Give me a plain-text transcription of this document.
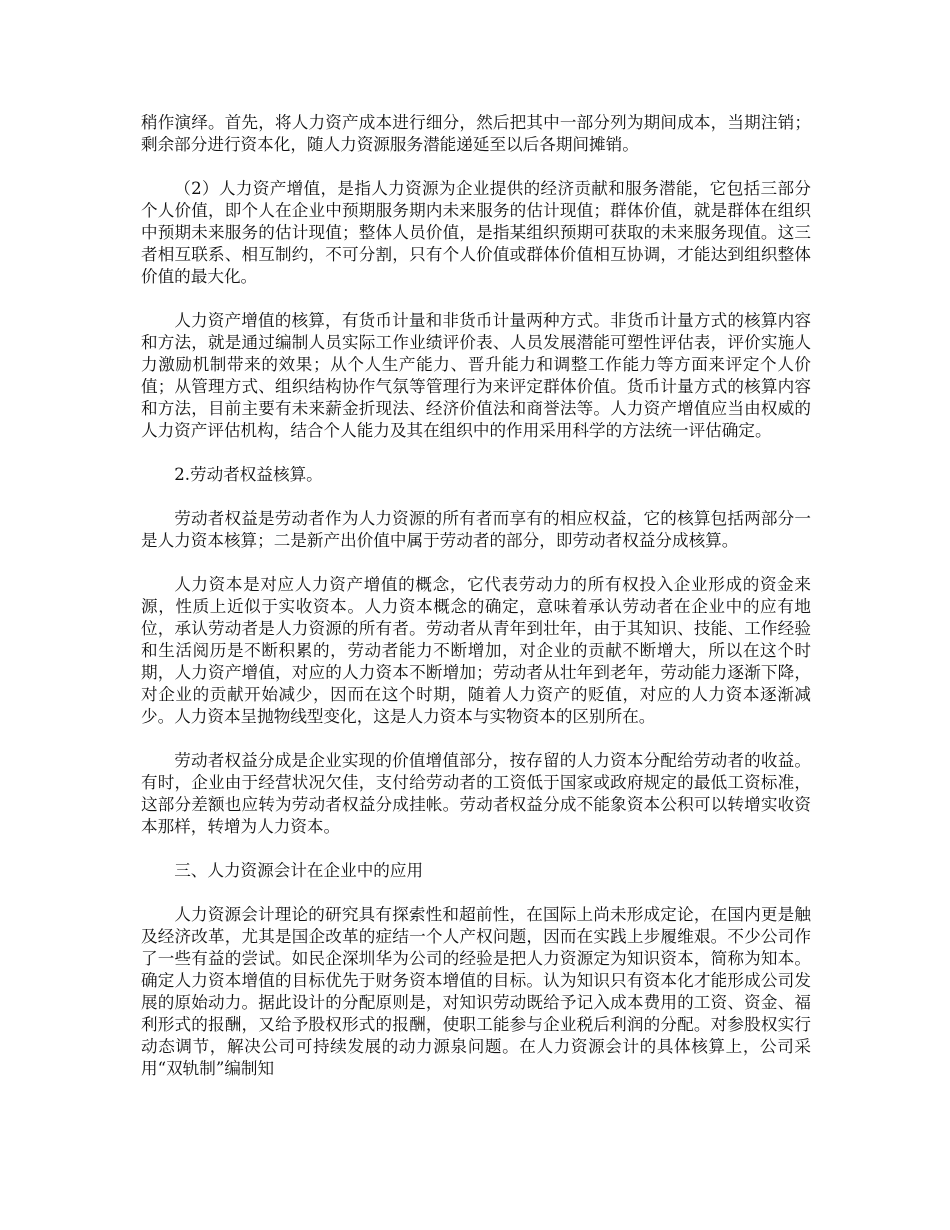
稍作演绎。首先，将人力资产成本进行细分，然后把其中一部分列为期间成本，当期注销；剩余部分进行资本化，随人力资源服务潜能递延至以后各期间摊销。

（2）人力资产增值，是指人力资源为企业提供的经济贡献和服务潜能，它包括三部分个人价值，即个人在企业中预期服务期内未来服务的估计现值；群体价值，就是群体在组织中预期未来服务的估计现值；整体人员价值，是指某组织预期可获取的未来服务现值。这三者相互联系、相互制约，不可分割，只有个人价值或群体价值相互协调，才能达到组织整体价值的最大化。

人力资产增值的核算，有货币计量和非货币计量两种方式。非货币计量方式的核算内容和方法，就是通过编制人员实际工作业绩评价表、人员发展潜能可塑性评估表，评价实施人力激励机制带来的效果；从个人生产能力、晋升能力和调整工作能力等方面来评定个人价值；从管理方式、组织结构协作气氛等管理行为来评定群体价值。货币计量方式的核算内容和方法，目前主要有未来薪金折现法、经济价值法和商誉法等。人力资产增值应当由权威的人力资产评估机构，结合个人能力及其在组织中的作用采用科学的方法统一评估确定。

2.劳动者权益核算。

劳动者权益是劳动者作为人力资源的所有者而享有的相应权益，它的核算包括两部分一是人力资本核算；二是新产出价值中属于劳动者的部分，即劳动者权益分成核算。

人力资本是对应人力资产增值的概念，它代表劳动力的所有权投入企业形成的资金来源，性质上近似于实收资本。人力资本概念的确定，意味着承认劳动者在企业中的应有地位，承认劳动者是人力资源的所有者。劳动者从青年到壮年，由于其知识、技能、工作经验和生活阅历是不断积累的，劳动者能力不断增加，对企业的贡献不断增大，所以在这个时期，人力资产增值，对应的人力资本不断增加；劳动者从壮年到老年，劳动能力逐渐下降，对企业的贡献开始减少，因而在这个时期，随着人力资产的贬值，对应的人力资本逐渐减少。人力资本呈抛物线型变化，这是人力资本与实物资本的区别所在。

劳动者权益分成是企业实现的价值增值部分，按存留的人力资本分配给劳动者的收益。有时，企业由于经营状况欠佳，支付给劳动者的工资低于国家或政府规定的最低工资标准，这部分差额也应转为劳动者权益分成挂帐。劳动者权益分成不能象资本公积可以转增实收资本那样，转增为人力资本。

三、人力资源会计在企业中的应用

人力资源会计理论的研究具有探索性和超前性，在国际上尚未形成定论，在国内更是触及经济改革，尤其是国企改革的症结一个人产权问题，因而在实践上步履维艰。不少公司作了一些有益的尝试。如民企深圳华为公司的经验是把人力资源定为知识资本，简称为知本。确定人力资本增值的目标优先于财务资本增值的目标。认为知识只有资本化才能形成公司发展的原始动力。据此设计的分配原则是，对知识劳动既给予记入成本费用的工资、资金、福利形式的报酬，又给予股权形式的报酬，使职工能参与企业税后利润的分配。对参股权实行动态调节，解决公司可持续发展的动力源泉问题。在人力资源会计的具体核算上，公司采用“双轨制”编制知
